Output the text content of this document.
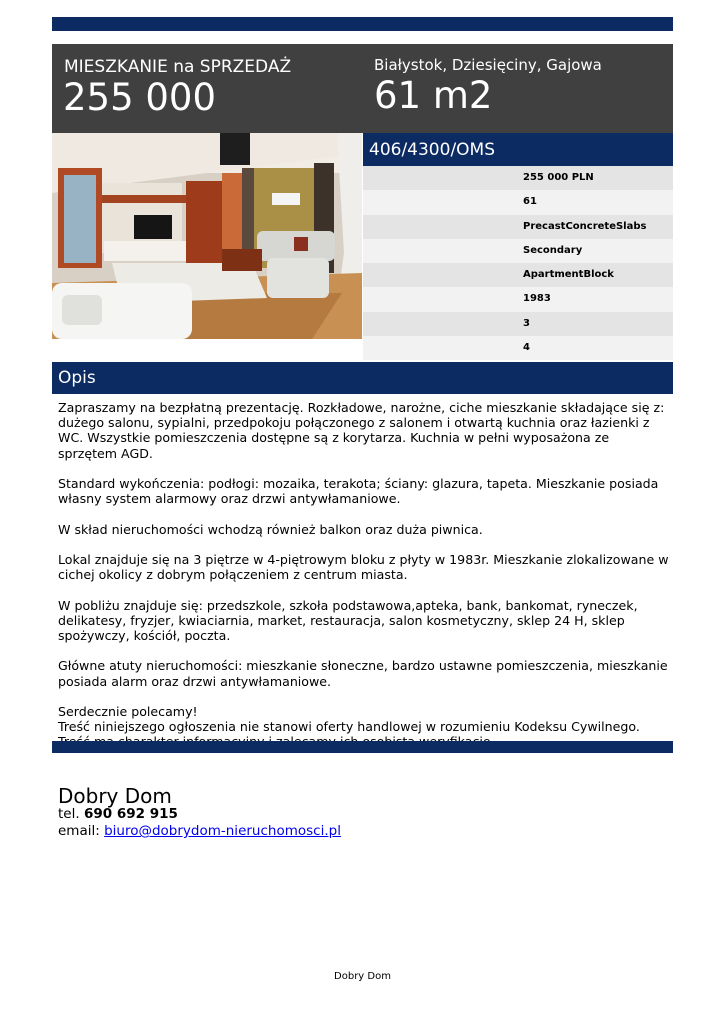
MIESZKANIE na SPRZEDAŻ
255 000
Białystok, Dziesięciny, Gajowa
61 m2
406/4300/OMS
255 000 PLN
61
PrecastConcreteSlabs
Secondary
ApartmentBlock
1983
3
4
Opis

Zapraszamy na bezpłatną prezentację. Rozkładowe, narożne, ciche mieszkanie składające się z: dużego salonu, sypialni, przedpokoju połączonego z salonem i otwartą kuchnia oraz łazienki z WC. Wszystkie pomieszczenia dostępne są z korytarza. Kuchnia w pełni wyposażona ze sprzętem AGD.

Standard wykończenia: podłogi: mozaika, terakota; ściany: glazura, tapeta. Mieszkanie posiada własny system alarmowy oraz drzwi antywłamaniowe.

W skład nieruchomości wchodzą również balkon oraz duża piwnica.

Lokal znajduje się na 3 piętrze w 4-piętrowym bloku z płyty w 1983r. Mieszkanie zlokalizowane w cichej okolicy z dobrym połączeniem z centrum miasta.

W pobliżu znajduje się: przedszkole, szkoła podstawowa,apteka, bank, bankomat, ryneczek, delikatesy, fryzjer, kwiaciarnia, market, restauracja, salon kosmetyczny, sklep 24 H, sklep spożywczy, kościół, poczta.

Główne atuty nieruchomości: mieszkanie słoneczne, bardzo ustawne pomieszczenia, mieszkanie posiada alarm oraz drzwi antywłamaniowe.

Serdecznie polecamy!
Treść niniejszego ogłoszenia nie stanowi oferty handlowej w rozumieniu Kodeksu Cywilnego.
Dobry Dom
tel. 690 692 915
email: biuro@dobrydom-nieruchomosci.pl
Dobry Dom
